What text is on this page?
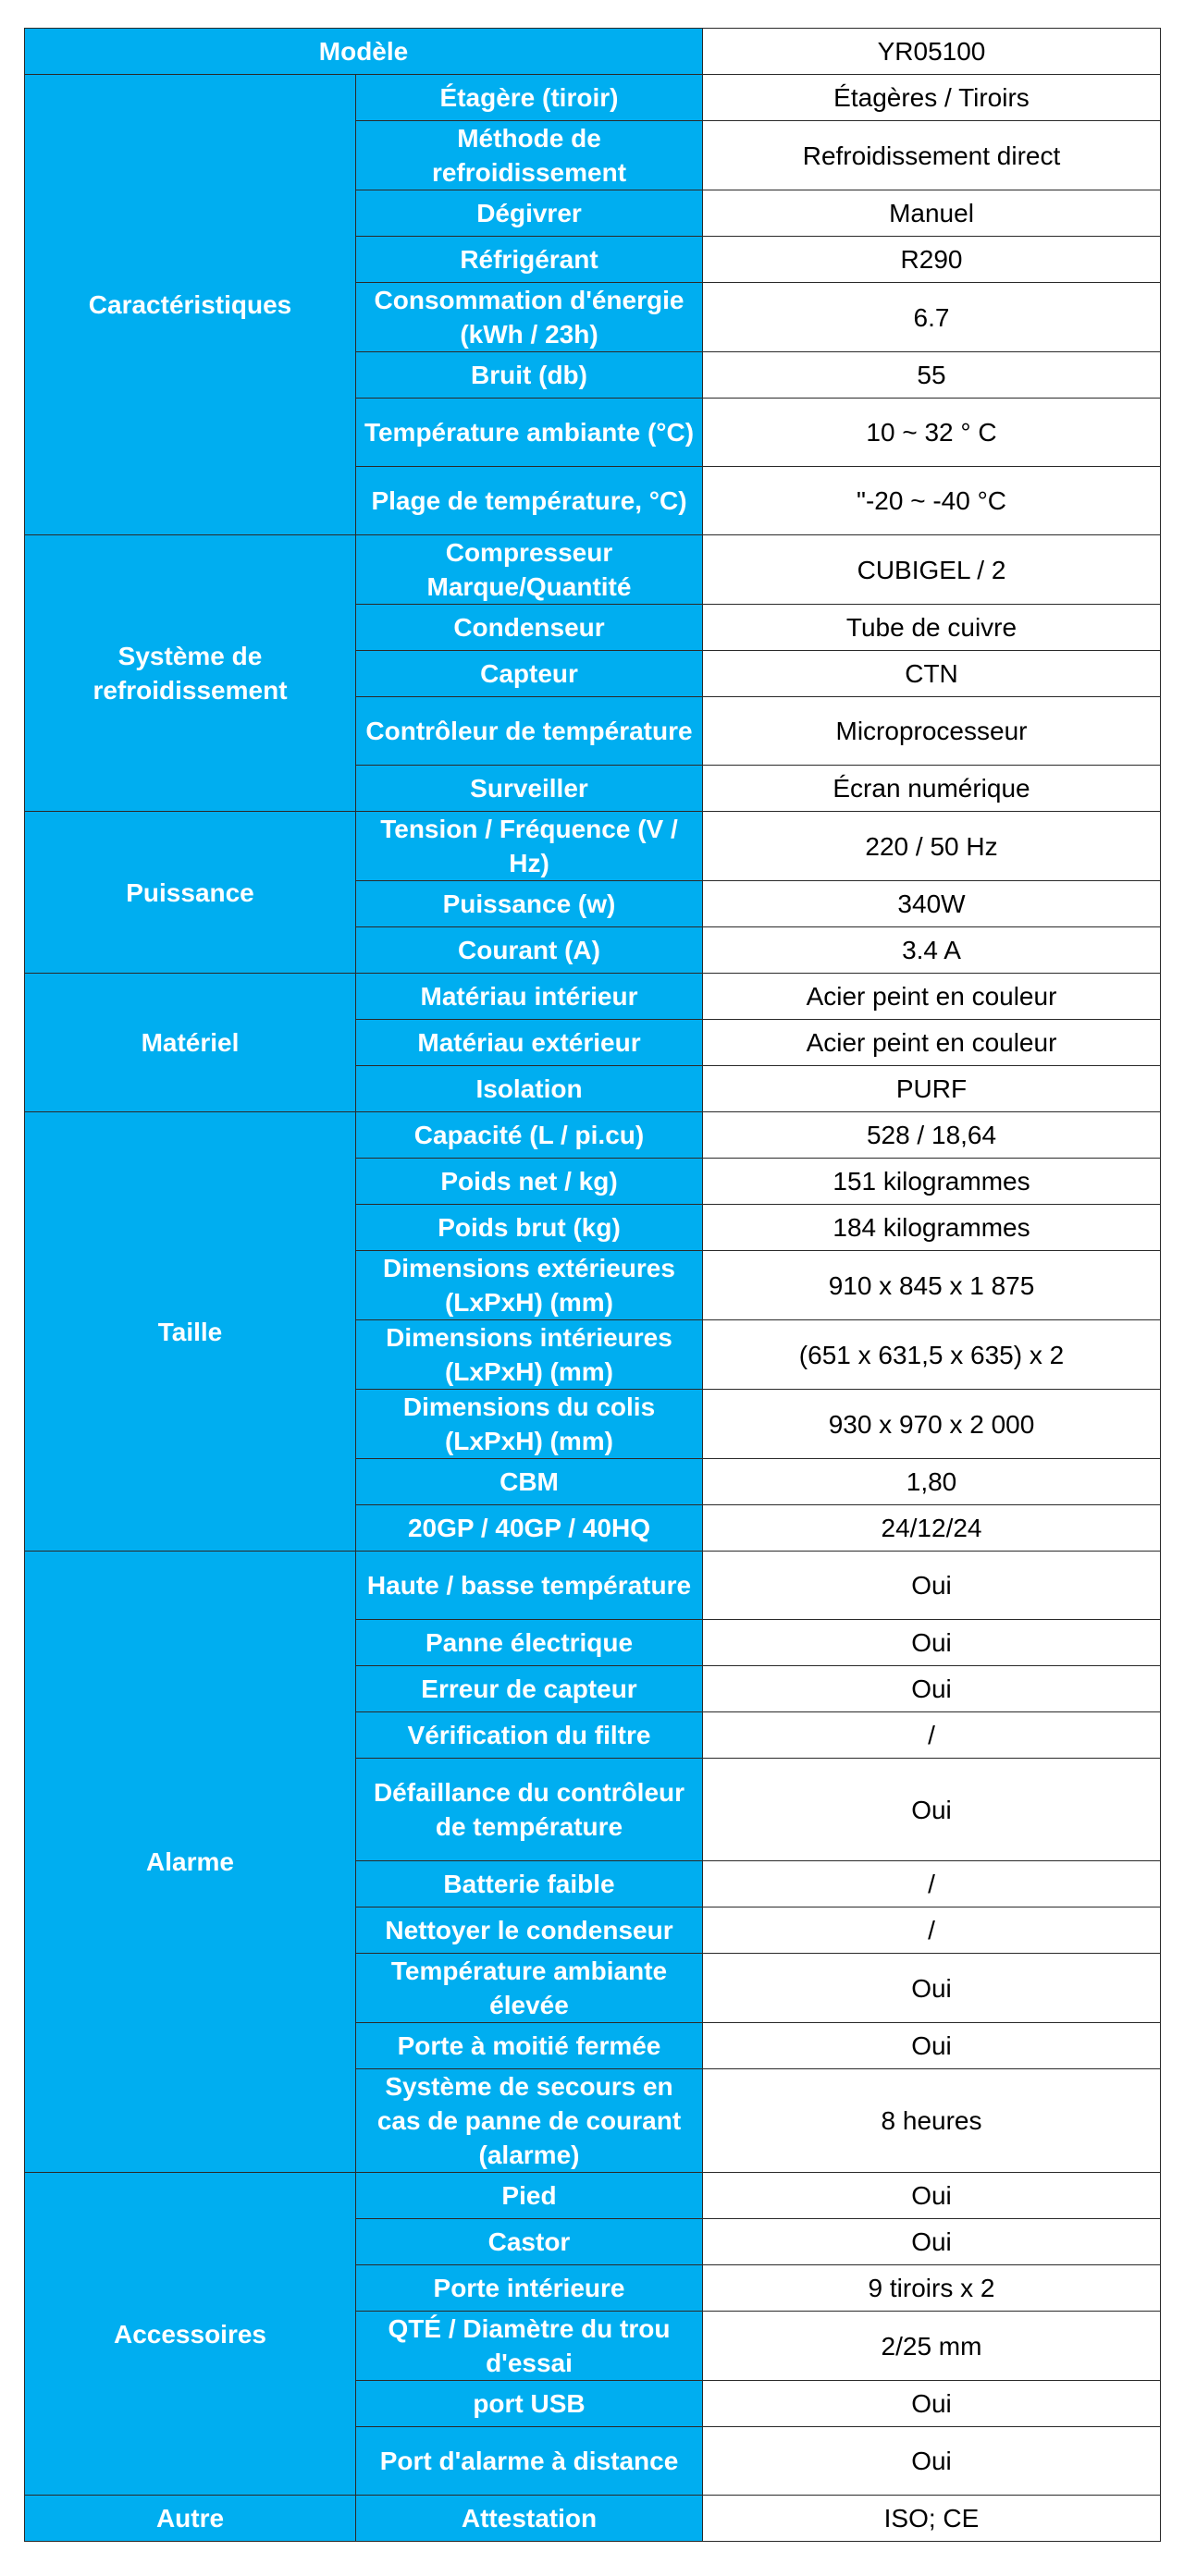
Modèle		YR05100
Caractéristiques	Étagère (tiroir)	Étagères / Tiroirs
	Méthode de refroidissement	Refroidissement direct
	Dégivrer	Manuel
	Réfrigérant	R290
	Consommation d'énergie (kWh / 23h)	6.7
	Bruit (db)	55
	Température ambiante (°C)	10 ~ 32 ° C
	Plage de température, °C)	"-20 ~ -40 °C
Système de refroidissement	Compresseur Marque/Quantité	CUBIGEL / 2
	Condenseur	Tube de cuivre
	Capteur	CTN
	Contrôleur de température	Microprocesseur
	Surveiller	Écran numérique
Puissance	Tension / Fréquence (V / Hz)	220 / 50 Hz
	Puissance (w)	340W
	Courant (A)	3.4 A
Matériel	Matériau intérieur	Acier peint en couleur
	Matériau extérieur	Acier peint en couleur
	Isolation	PURF
Taille	Capacité (L / pi.cu)	528 / 18,64
	Poids net / kg)	151 kilogrammes
	Poids brut (kg)	184 kilogrammes
	Dimensions extérieures (LxPxH) (mm)	910 x 845 x 1 875
	Dimensions intérieures (LxPxH) (mm)	(651 x 631,5 x 635) x 2
	Dimensions du colis (LxPxH) (mm)	930 x 970 x 2 000
	CBM	1,80
	20GP / 40GP / 40HQ	24/12/24
Alarme	Haute / basse température	Oui
	Panne électrique	Oui
	Erreur de capteur	Oui
	Vérification du filtre	/
	Défaillance du contrôleur de température	Oui
	Batterie faible	/
	Nettoyer le condenseur	/
	Température ambiante élevée	Oui
	Porte à moitié fermée	Oui
	Système de secours en cas de panne de courant (alarme)	8 heures
Accessoires	Pied	Oui
	Castor	Oui
	Porte intérieure	9 tiroirs x 2
	QTÉ / Diamètre du trou d'essai	2/25 mm
	port USB	Oui
	Port d'alarme à distance	Oui
Autre	Attestation	ISO; CE
